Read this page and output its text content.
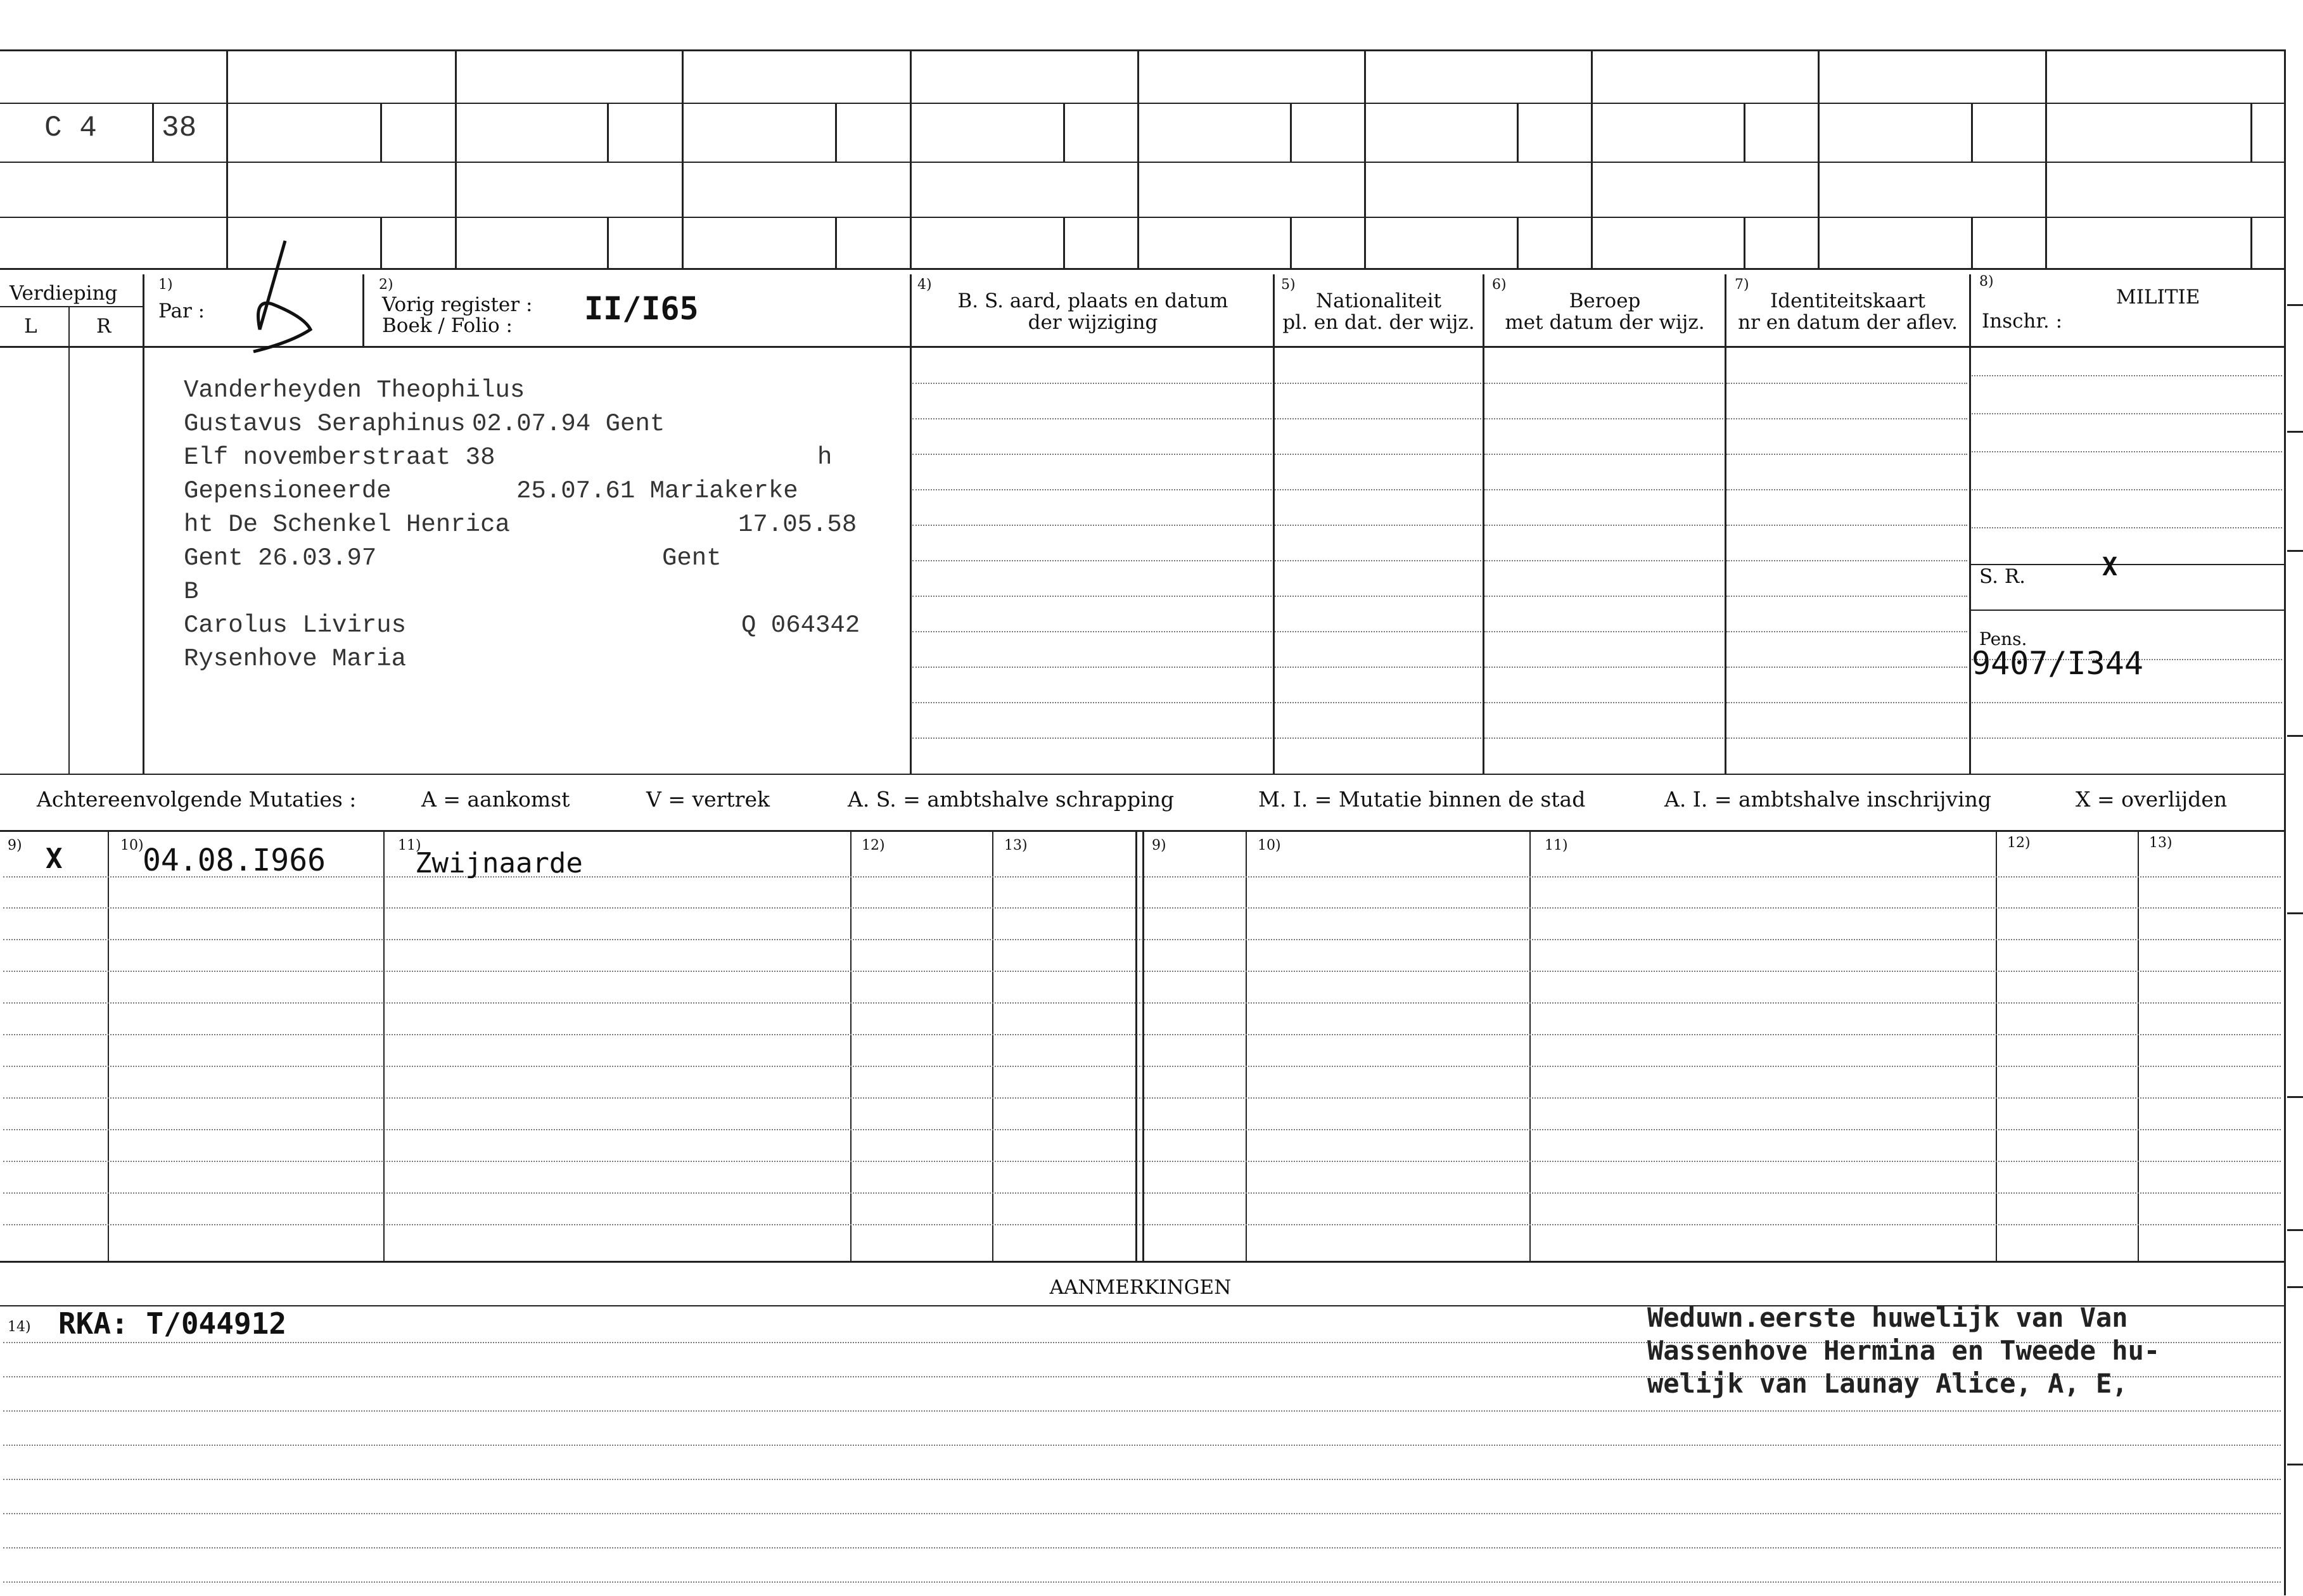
C 4 38
Verdieping
L	R
1)
Par :
2)
Vorig register :
Boek / Folio : II/I65
4)
B. S. aard, plaats en datum
der wijziging
5)
Nationaliteit
pl. en dat. der wijz.
6)
Beroep
met datum der wijz.
7)
Identiteitskaart
nr en datum der aflev.
8)
MILITIE
Inschr. :
S. R.	X
Pens.
9407/I344
Vanderheyden Theophilus
Gustavus Seraphinus 02.07.94 Gent
Elf novemberstraat 38	h
Gepensioneerde	25.07.61 Mariakerke
ht De Schenkel Henrica	17.05.58
Gent 26.03.97	Gent
B
Carolus Livirus	Q 064342
Rysenhove Maria
Achtereenvolgende Mutaties :	A = aankomst	V = vertrek	A. S. = ambtshalve schrapping	M. I. = Mutatie binnen de stad	A. I. = ambtshalve inschrijving	X = overlijden
9)	10)	11)	12)	13)	9)	10)	11)	12)	13)
X	04.08.I966	Zwijnaarde
AANMERKINGEN
14) RKA: T/044912	Weduwn.eerste huwelijk van Van
Wassenhove Hermina en Tweede hu-
welijk van Launay Alice, A, E,
